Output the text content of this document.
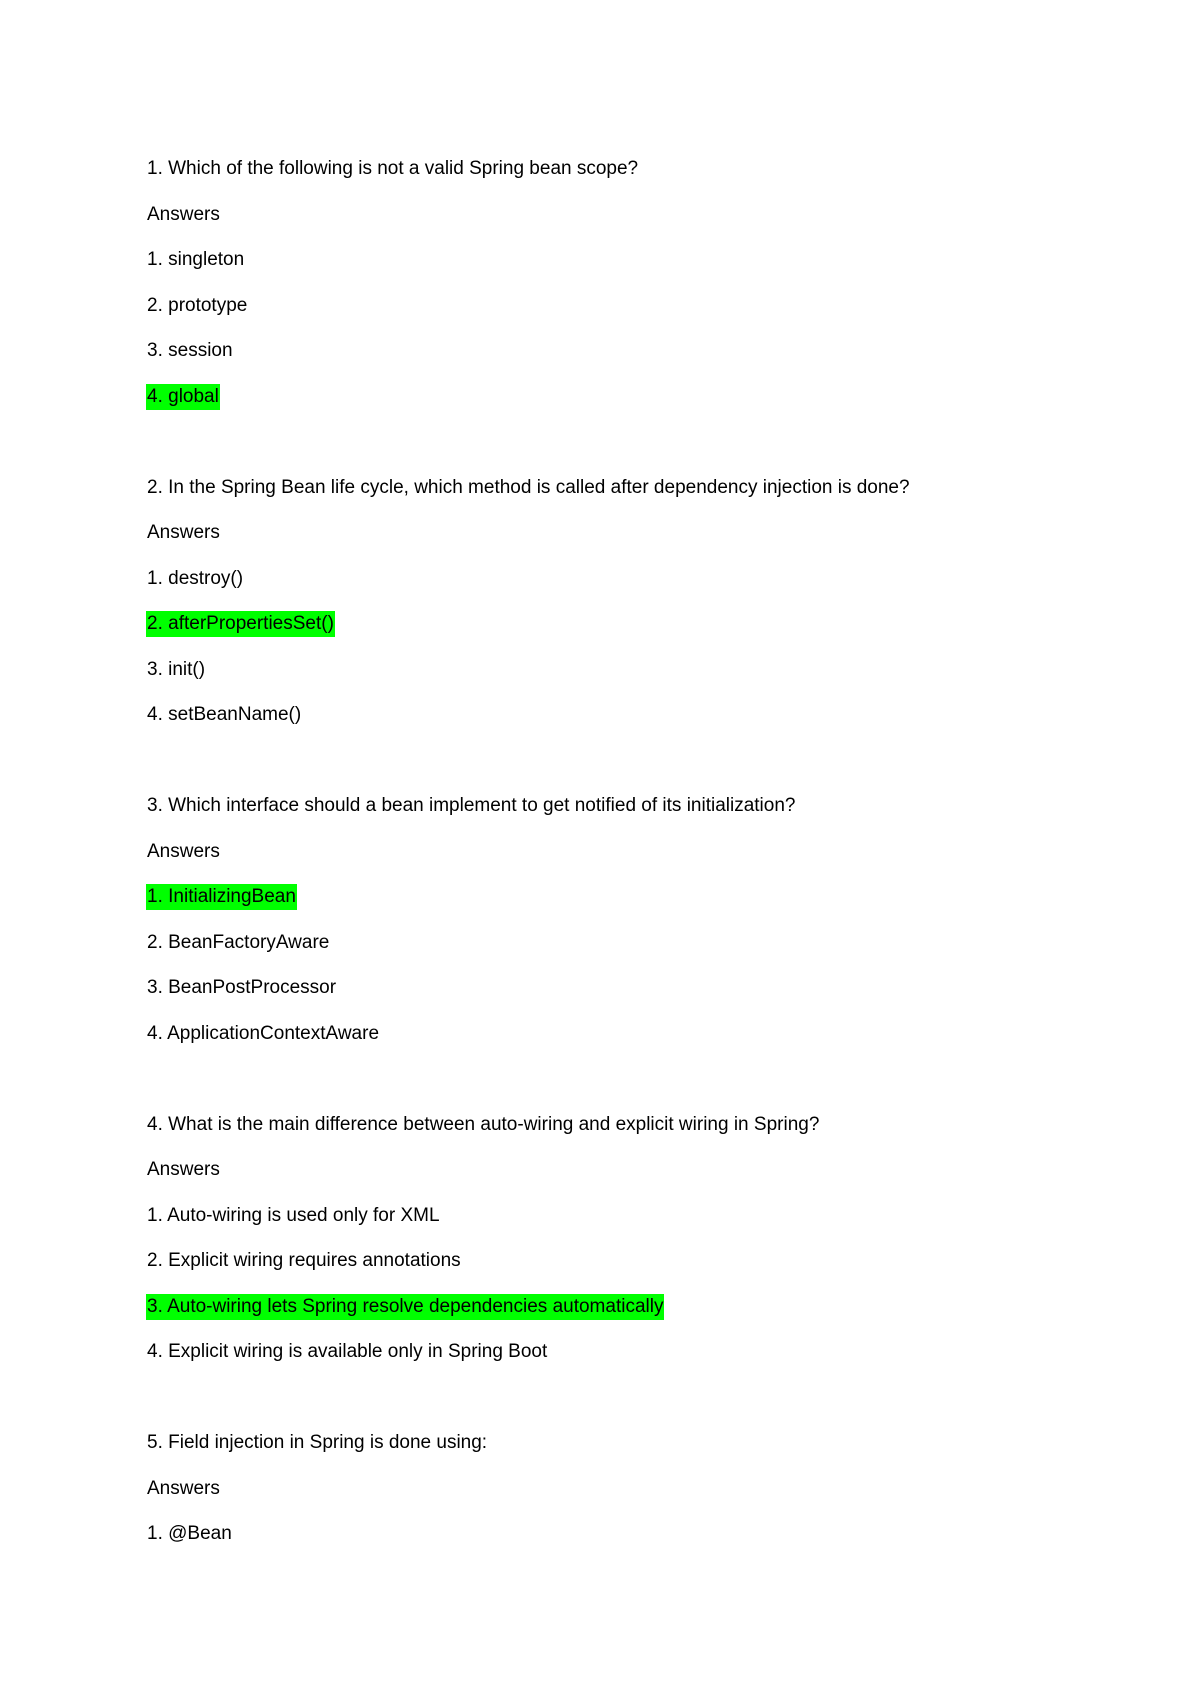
1. Which of the following is not a valid Spring bean scope?
Answers
1. singleton
2. prototype
3. session
4. global
2. In the Spring Bean life cycle, which method is called after dependency injection is done?
Answers
1. destroy()
2. afterPropertiesSet()
3. init()
4. setBeanName()
3. Which interface should a bean implement to get notified of its initialization?
Answers
1. InitializingBean
2. BeanFactoryAware
3. BeanPostProcessor
4. ApplicationContextAware
4. What is the main difference between auto-wiring and explicit wiring in Spring?
Answers
1. Auto-wiring is used only for XML
2. Explicit wiring requires annotations
3. Auto-wiring lets Spring resolve dependencies automatically
4. Explicit wiring is available only in Spring Boot
5. Field injection in Spring is done using:
Answers
1. @Bean
